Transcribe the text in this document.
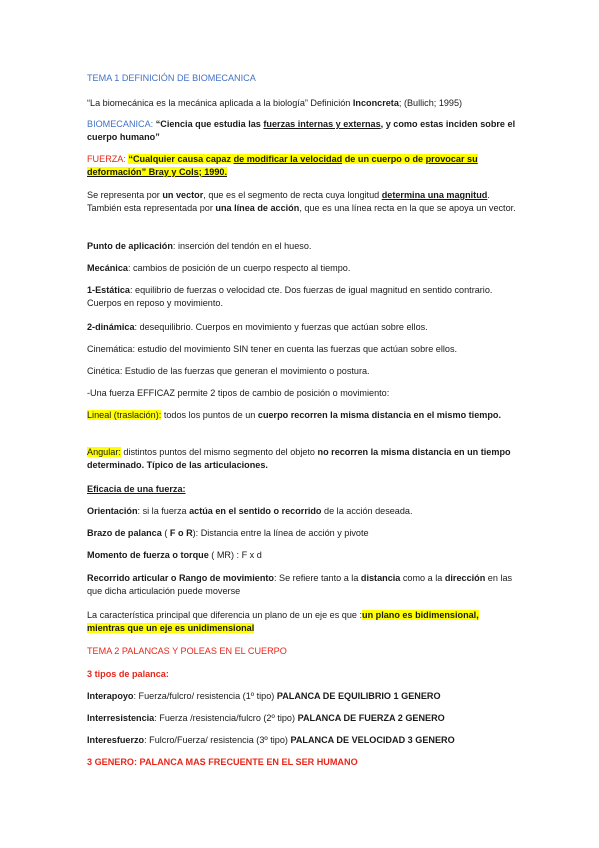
TEMA 1 DEFINICIÓN DE BIOMECANICA

“La biomecánica es la mecánica aplicada a la biología” Definición Inconcreta; (Bullich; 1995)

BIOMECANICA: “Ciencia que estudia las fuerzas internas y externas, y como estas inciden sobre el cuerpo humano”

FUERZA: “Cualquier causa capaz de modificar la velocidad de un cuerpo o de provocar su deformación” Bray y Cols; 1990.

Se representa por un vector, que es el segmento de recta cuya longitud determina una magnitud. También esta representada por una línea de acción, que es una línea recta en la que se apoya un vector.

Punto de aplicación: inserción del tendón en el hueso.

Mecánica: cambios de posición de un cuerpo respecto al tiempo.

1-Estática: equilibrio de fuerzas o velocidad cte. Dos fuerzas de igual magnitud en sentido contrario. Cuerpos en reposo y movimiento.

2-dinámica: desequilibrio. Cuerpos en movimiento y fuerzas que actúan sobre ellos.

Cinemática: estudio del movimiento SIN tener en cuenta las fuerzas que actúan sobre ellos.

Cinética: Estudio de las fuerzas que generan el movimiento o postura.

-Una fuerza EFFICAZ permite 2 tipos de cambio de posición o movimiento:

Lineal (traslación): todos los puntos de un cuerpo recorren la misma distancia en el mismo tiempo.

Angular: distintos puntos del mismo segmento del objeto no recorren la misma distancia en un tiempo determinado. Típico de las articulaciones.

Eficacia de una fuerza:

Orientación: si la fuerza actúa en el sentido o recorrido de la acción deseada.

Brazo de palanca ( F o R): Distancia entre la línea de acción y pivote

Momento de fuerza o torque ( MR) : F x d

Recorrido articular o Rango de movimiento: Se refiere tanto a la distancia como a la dirección en las que dicha articulación puede moverse

La característica principal que diferencia un plano de un eje es que :un plano es bidimensional, mientras que un eje es unidimensional

TEMA 2 PALANCAS Y POLEAS EN EL CUERPO

3 tipos de palanca:

Interapoyo: Fuerza/fulcro/ resistencia (1º tipo) PALANCA DE EQUILIBRIO 1 GENERO

Interresistencia: Fuerza /resistencia/fulcro (2º tipo) PALANCA DE FUERZA 2 GENERO

Interesfuerzo: Fulcro/Fuerza/ resistencia (3º tipo) PALANCA DE VELOCIDAD 3 GENERO

3 GENERO: PALANCA MAS FRECUENTE EN EL SER HUMANO
